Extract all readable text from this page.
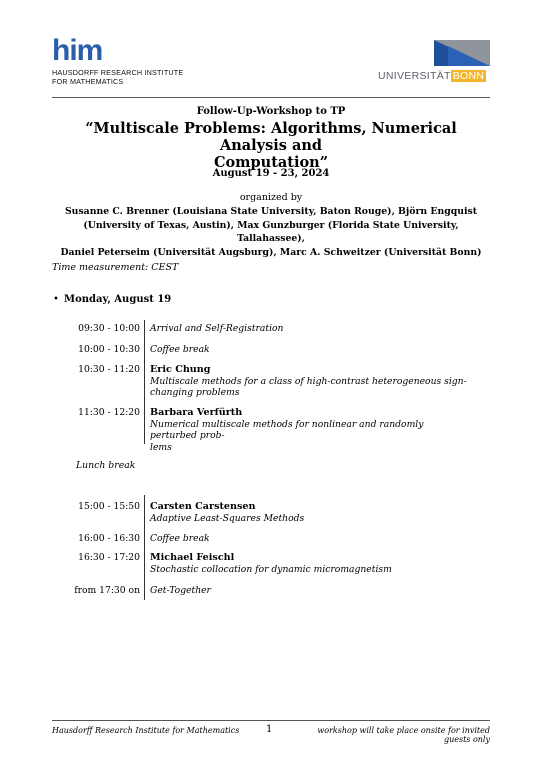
him
HAUSDORFF RESEARCH INSTITUTE
FOR MATHEMATICS	UNIVERSITÄT BONN
Follow-Up-Workshop to TP
“Multiscale Problems: Algorithms, Numerical Analysis and
Computation”
August 19 - 23, 2024
organized by
Susanne C. Brenner (Louisiana State University, Baton Rouge), Björn Engquist
(University of Texas, Austin), Max Gunzburger (Florida State University, Tallahassee),
Daniel Peterseim (Universität Augsburg), Marc A. Schweitzer (Universität Bonn)
Time measurement: CEST
• Monday, August 19
09:30 - 10:00 Arrival and Self-Registration
10:00 - 10:30 Coffee break
10:30 - 11:20 Eric Chung
Multiscale methods for a class of high-contrast heterogeneous sign-
changing problems
11:30 - 12:20 Barbara Verfürth
Numerical multiscale methods for nonlinear and randomly perturbed prob-
lems
Lunch break
15:00 - 15:50 Carsten Carstensen
Adaptive Least-Squares Methods
16:00 - 16:30 Coffee break
16:30 - 17:20 Michael Feischl
Stochastic collocation for dynamic micromagnetism
from 17:30 on Get-Together
Hausdorff Research Institute for Mathematics	1	workshop will take place onsite for invited guests only
